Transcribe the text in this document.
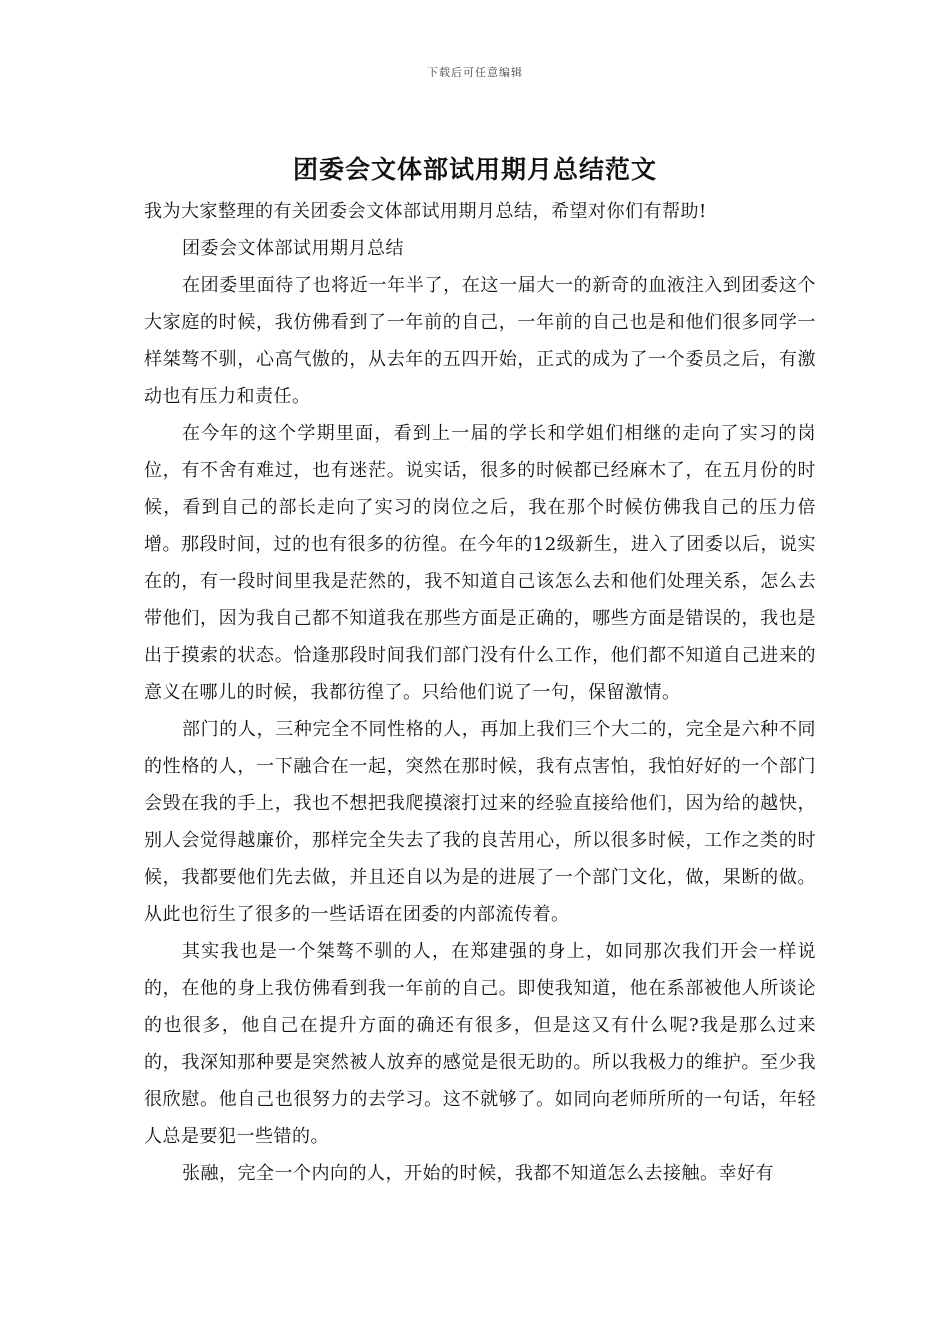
下载后可任意编辑
团委会文体部试用期月总结范文

我为大家整理的有关团委会文体部试用期月总结，希望对你们有帮助!

团委会文体部试用期月总结

在团委里面待了也将近一年半了，在这一届大一的新奇的血液注入到团委这个大家庭的时候，我仿佛看到了一年前的自己，一年前的自己也是和他们很多同学一样桀骜不驯，心高气傲的，从去年的五四开始，正式的成为了一个委员之后，有激动也有压力和责任。

在今年的这个学期里面，看到上一届的学长和学姐们相继的走向了实习的岗位，有不舍有难过，也有迷茫。说实话，很多的时候都已经麻木了，在五月份的时候，看到自己的部长走向了实习的岗位之后，我在那个时候仿佛我自己的压力倍增。那段时间，过的也有很多的彷徨。在今年的12级新生，进入了团委以后，说实在的，有一段时间里我是茫然的，我不知道自己该怎么去和他们处理关系，怎么去带他们，因为我自己都不知道我在那些方面是正确的，哪些方面是错误的，我也是出于摸索的状态。恰逢那段时间我们部门没有什么工作，他们都不知道自己进来的意义在哪儿的时候，我都彷徨了。只给他们说了一句，保留激情。

部门的人，三种完全不同性格的人，再加上我们三个大二的，完全是六种不同的性格的人，一下融合在一起，突然在那时候，我有点害怕，我怕好好的一个部门会毁在我的手上，我也不想把我爬摸滚打过来的经验直接给他们，因为给的越快，别人会觉得越廉价，那样完全失去了我的良苦用心，所以很多时候，工作之类的时候，我都要他们先去做，并且还自以为是的进展了一个部门文化，做，果断的做。从此也衍生了很多的一些话语在团委的内部流传着。

其实我也是一个桀骜不驯的人，在郑建强的身上，如同那次我们开会一样说的，在他的身上我仿佛看到我一年前的自己。即使我知道，他在系部被他人所谈论的也很多，他自己在提升方面的确还有很多，但是这又有什么呢?我是那么过来的，我深知那种要是突然被人放弃的感觉是很无助的。所以我极力的维护。至少我很欣慰。他自己也很努力的去学习。这不就够了。如同向老师所所的一句话，年轻人总是要犯一些错的。

张融，完全一个内向的人，开始的时候，我都不知道怎么去接触。幸好有
